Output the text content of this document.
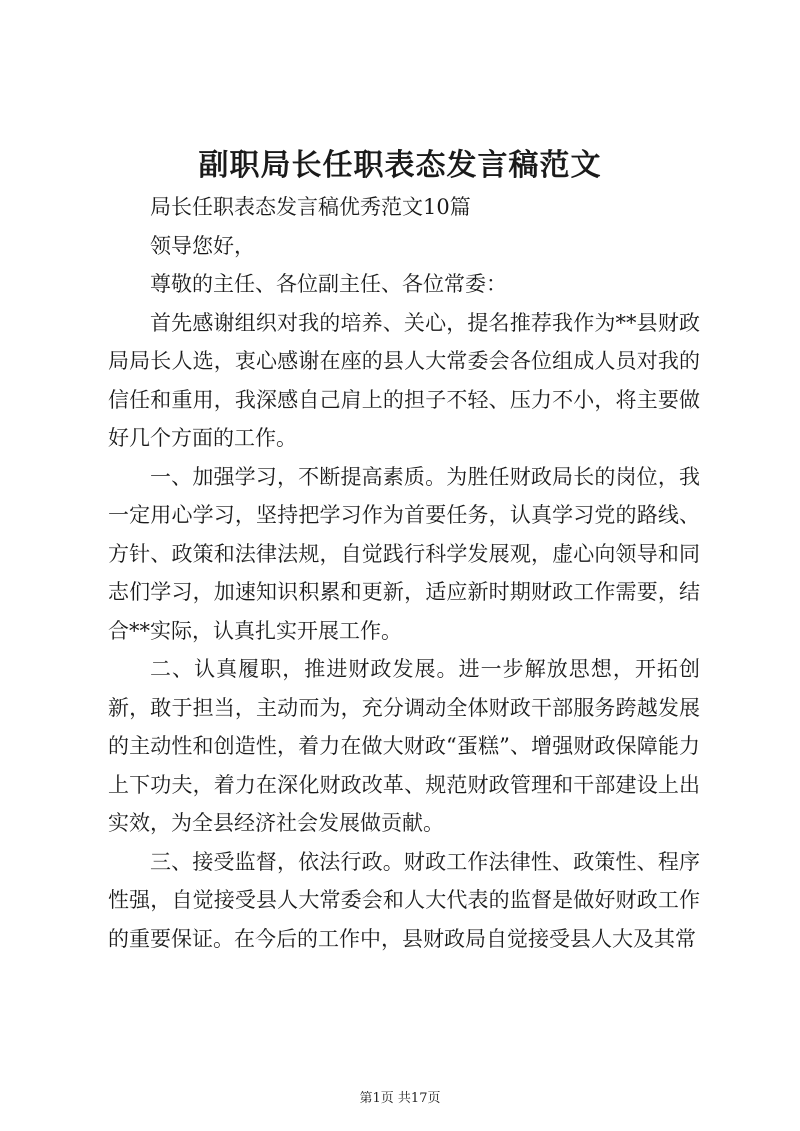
副职局长任职表态发言稿范文

局长任职表态发言稿优秀范文10篇

领导您好，

尊敬的主任、各位副主任、各位常委：

首先感谢组织对我的培养、关心，提名推荐我作为**县财政局局长人选，衷心感谢在座的县人大常委会各位组成人员对我的信任和重用，我深感自己肩上的担子不轻、压力不小，将主要做好几个方面的工作。

一、加强学习，不断提高素质。为胜任财政局长的岗位，我一定用心学习，坚持把学习作为首要任务，认真学习党的路线、方针、政策和法律法规，自觉践行科学发展观，虚心向领导和同志们学习，加速知识积累和更新，适应新时期财政工作需要，结合**实际，认真扎实开展工作。

二、认真履职，推进财政发展。进一步解放思想，开拓创新，敢于担当，主动而为，充分调动全体财政干部服务跨越发展的主动性和创造性，着力在做大财政“蛋糕”、增强财政保障能力上下功夫，着力在深化财政改革、规范财政管理和干部建设上出实效，为全县经济社会发展做贡献。

三、接受监督，依法行政。财政工作法律性、政策性、程序性强，自觉接受县人大常委会和人大代表的监督是做好财政工作的重要保证。在今后的工作中，县财政局自觉接受县人大及其常

第1页 共17页
